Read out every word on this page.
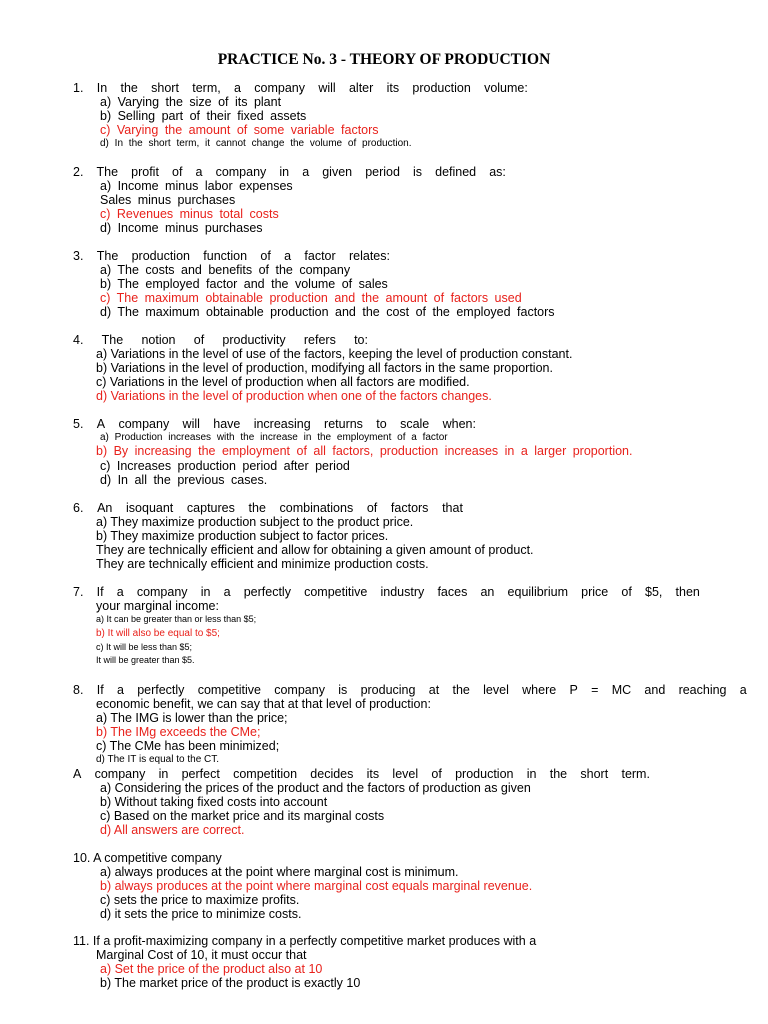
PRACTICE No. 3 - THEORY OF PRODUCTION
1. In the short term, a company will alter its production volume:
a) Varying the size of its plant
b) Selling part of their fixed assets
c) Varying the amount of some variable factors
d) In the short term, it cannot change the volume of production.
2. The profit of a company in a given period is defined as:
a) Income minus labor expenses
Sales minus purchases
c) Revenues minus total costs
d) Income minus purchases
3. The production function of a factor relates:
a) The costs and benefits of the company
b) The employed factor and the volume of sales
c) The maximum obtainable production and the amount of factors used
d) The maximum obtainable production and the cost of the employed factors
4. The notion of productivity refers to:
a) Variations in the level of use of the factors, keeping the level of production constant.
b) Variations in the level of production, modifying all factors in the same proportion.
c) Variations in the level of production when all factors are modified.
d) Variations in the level of production when one of the factors changes.
5. A company will have increasing returns to scale when:
a) Production increases with the increase in the employment of a factor
b) By increasing the employment of all factors, production increases in a larger proportion.
c) Increases production period after period
d) In all the previous cases.
6. An isoquant captures the combinations of factors that
a) They maximize production subject to the product price.
b) They maximize production subject to factor prices.
They are technically efficient and allow for obtaining a given amount of product.
They are technically efficient and minimize production costs.
7. If a company in a perfectly competitive industry faces an equilibrium price of $5, then
your marginal income:
a) It can be greater than or less than $5;
b) It will also be equal to $5;
c) It will be less than $5;
It will be greater than $5.
8. If a perfectly competitive company is producing at the level where P = MC and reaching a
economic benefit, we can say that at that level of production:
a) The IMG is lower than the price;
b) The IMg exceeds the CMe;
c) The CMe has been minimized;
d) The IT is equal to the CT.
A company in perfect competition decides its level of production in the short term.
a) Considering the prices of the product and the factors of production as given
b) Without taking fixed costs into account
c) Based on the market price and its marginal costs
d) All answers are correct.
10. A competitive company
a) always produces at the point where marginal cost is minimum.
b) always produces at the point where marginal cost equals marginal revenue.
c) sets the price to maximize profits.
d) it sets the price to minimize costs.
11. If a profit-maximizing company in a perfectly competitive market produces with a
Marginal Cost of 10, it must occur that
a) Set the price of the product also at 10
b) The market price of the product is exactly 10
